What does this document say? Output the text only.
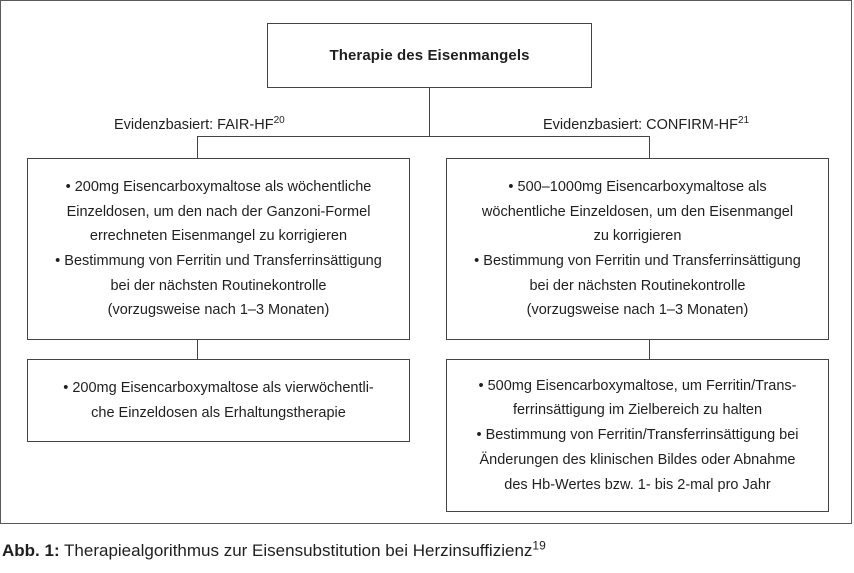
Therapie des Eisenmangels
Evidenzbasiert: FAIR-HF$^{20}$	Evidenzbasiert: CONFIRM-HF$^{21}$
• 200mg Eisencarboxymaltose als wöchentliche
Einzeldosen, um den nach der Ganzoni-Formel
errechneten Eisenmangel zu korrigieren
• Bestimmung von Ferritin und Transferrinsättigung
bei der nächsten Routinekontrolle
(vorzugsweise nach 1–3 Monaten)
• 200mg Eisencarboxymaltose als vierwöchentli-
che Einzeldosen als Erhaltungstherapie
• 500–1000mg Eisencarboxymaltose als
wöchentliche Einzeldosen, um den Eisenmangel
zu korrigieren
• Bestimmung von Ferritin und Transferrinsättigung
bei der nächsten Routinekontrolle
(vorzugsweise nach 1–3 Monaten)
• 500mg Eisencarboxymaltose, um Ferritin/Trans-
ferrinsättigung im Zielbereich zu halten
• Bestimmung von Ferritin/Transferrinsättigung bei
Änderungen des klinischen Bildes oder Abnahme
des Hb-Wertes bzw. 1- bis 2-mal pro Jahr
Abb. 1: Therapiealgorithmus zur Eisensubstitution bei Herzinsuffizienz$^{19}$
